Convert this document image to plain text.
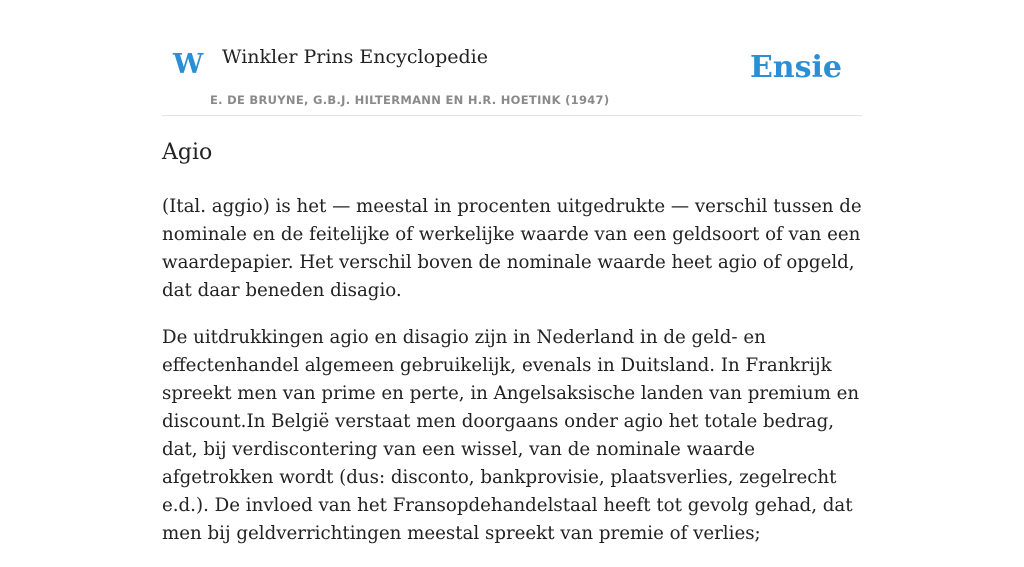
W Winkler Prins Encyclopedie
E. DE BRUYNE, G.B.J. HILTERMANN EN H.R. HOETINK (1947)
Ensie
Agio

(Ital. aggio) is het — meestal in procenten uitgedrukte — verschil tussen de nominale en de feitelijke of werkelijke waarde van een geldsoort of van een waardepapier. Het verschil boven de nominale waarde heet agio of opgeld, dat daar beneden disagio.

De uitdrukkingen agio en disagio zijn in Nederland in de geld- en effectenhandel algemeen gebruikelijk, evenals in Duitsland. In Frankrijk spreekt men van prime en perte, in Angelsaksische landen van premium en discount.In België verstaat men doorgaans onder agio het totale bedrag, dat, bij verdiscontering van een wissel, van de nominale waarde afgetrokken wordt (dus: disconto, bankprovisie, plaatsverlies, zegelrecht e.d.). De invloed van het Fransopdehandelstaal heeft tot gevolg gehad, dat men bij geldverrichtingen meestal spreekt van premie of verlies;
